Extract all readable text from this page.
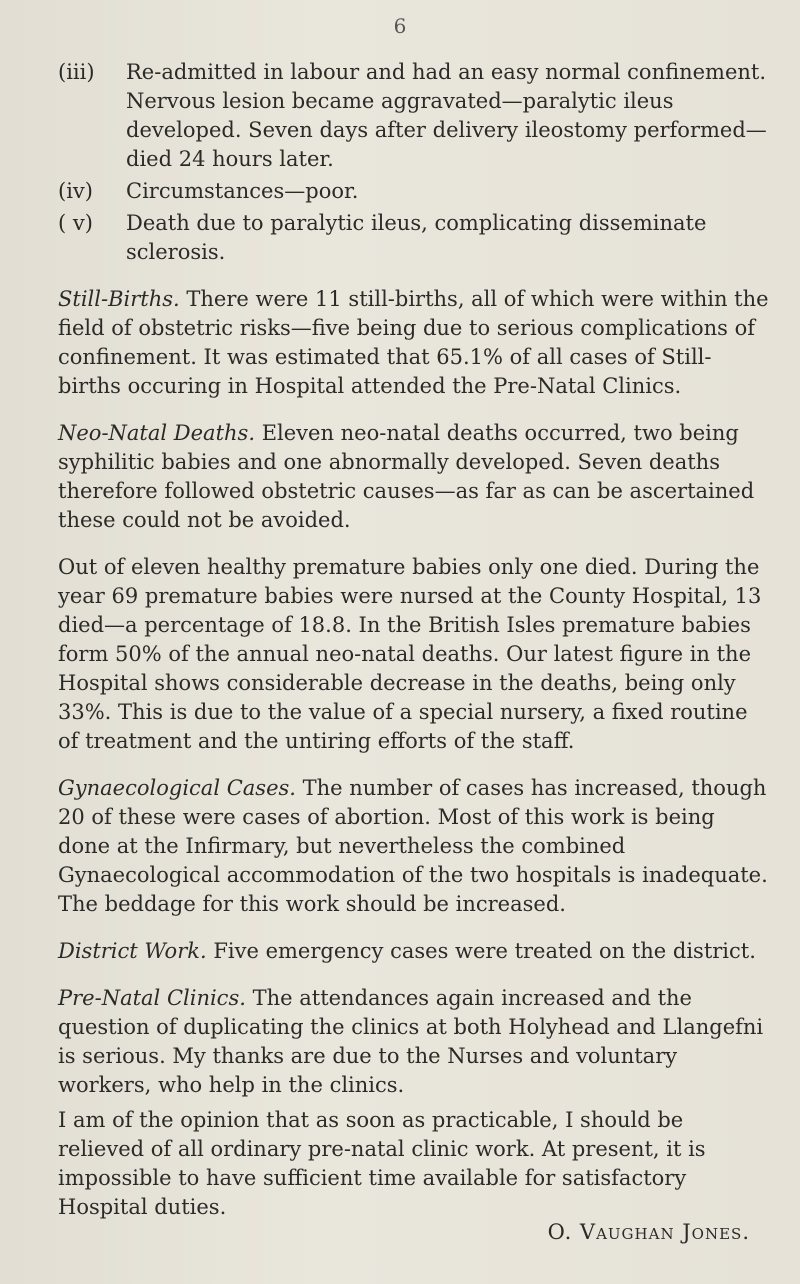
6
(iii) Re-admitted in labour and had an easy normal confinement. Nervous lesion became aggravated—paralytic ileus developed. Seven days after delivery ileostomy performed—died 24 hours later.
(iv) Circumstances—poor.
( v) Death due to paralytic ileus, complicating disseminate sclerosis.

Still-Births. There were 11 still-births, all of which were within the field of obstetric risks—five being due to serious complications of confinement. It was estimated that 65.1% of all cases of Still-births occuring in Hospital attended the Pre-Natal Clinics.

Neo-Natal Deaths. Eleven neo-natal deaths occurred, two being syphilitic babies and one abnormally developed. Seven deaths therefore followed obstetric causes—as far as can be ascertained these could not be avoided.

Out of eleven healthy premature babies only one died. During the year 69 premature babies were nursed at the County Hospital, 13 died—a percentage of 18.8. In the British Isles premature babies form 50% of the annual neo-natal deaths. Our latest figure in the Hospital shows considerable decrease in the deaths, being only 33%. This is due to the value of a special nursery, a fixed routine of treatment and the untiring efforts of the staff.

Gynaecological Cases. The number of cases has increased, though 20 of these were cases of abortion. Most of this work is being done at the Infirmary, but nevertheless the combined Gynaecological accommodation of the two hospitals is inadequate. The beddage for this work should be increased.

District Work. Five emergency cases were treated on the district.

Pre-Natal Clinics. The attendances again increased and the question of duplicating the clinics at both Holyhead and Llangefni is serious. My thanks are due to the Nurses and voluntary workers, who help in the clinics.

I am of the opinion that as soon as practicable, I should be relieved of all ordinary pre-natal clinic work. At present, it is impossible to have sufficient time available for satisfactory Hospital duties.

O. Vaughan Jones.
